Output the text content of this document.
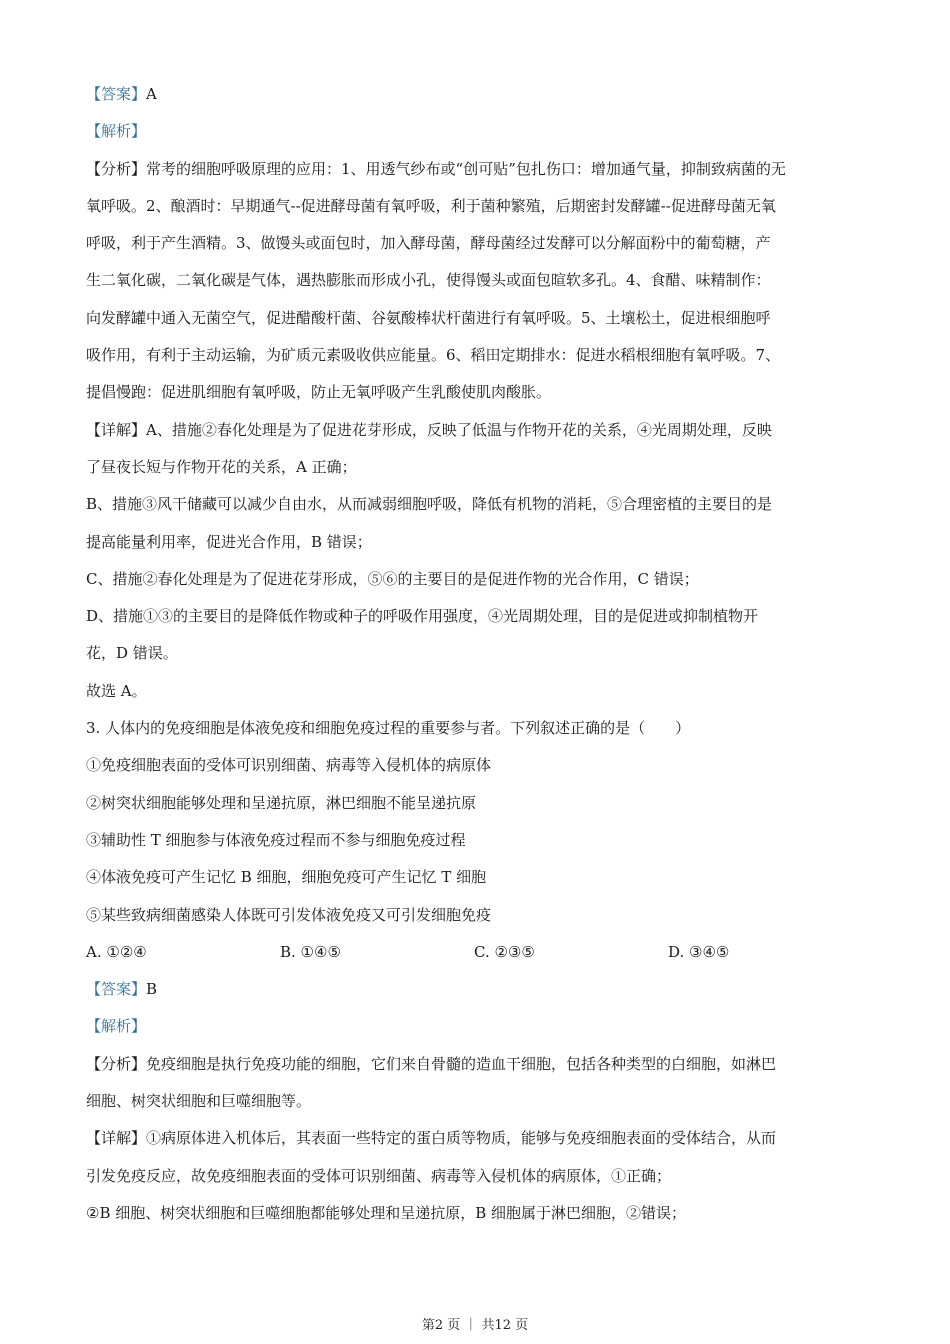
【答案】A

【解析】

【分析】常考的细胞呼吸原理的应用：1、用透气纱布或“创可贴”包扎伤口：增加通气量，抑制致病菌的无

氧呼吸。2、酿酒时：早期通气--促进酵母菌有氧呼吸，利于菌种繁殖，后期密封发酵罐--促进酵母菌无氧

呼吸，利于产生酒精。3、做馒头或面包时，加入酵母菌，酵母菌经过发酵可以分解面粉中的葡萄糖，产

生二氧化碳，二氧化碳是气体，遇热膨胀而形成小孔，使得馒头或面包暄软多孔。4、食醋、味精制作：

向发酵罐中通入无菌空气，促进醋酸杆菌、谷氨酸棒状杆菌进行有氧呼吸。5、土壤松土，促进根细胞呼

吸作用，有利于主动运输，为矿质元素吸收供应能量。6、稻田定期排水：促进水稻根细胞有氧呼吸。7、

提倡慢跑：促进肌细胞有氧呼吸，防止无氧呼吸产生乳酸使肌肉酸胀。

【详解】A、措施②春化处理是为了促进花芽形成，反映了低温与作物开花的关系，④光周期处理，反映

了昼夜长短与作物开花的关系，A 正确；

B、措施③风干储藏可以减少自由水，从而减弱细胞呼吸，降低有机物的消耗，⑤合理密植的主要目的是

提高能量利用率，促进光合作用，B 错误；

C、措施②春化处理是为了促进花芽形成，⑤⑥的主要目的是促进作物的光合作用，C 错误；

D、措施①③的主要目的是降低作物或种子的呼吸作用强度，④光周期处理，目的是促进或抑制植物开

花，D 错误。

故选 A。

3. 人体内的免疫细胞是体液免疫和细胞免疫过程的重要参与者。下列叙述正确的是（　　）

①免疫细胞表面的受体可识别细菌、病毒等入侵机体的病原体

②树突状细胞能够处理和呈递抗原，淋巴细胞不能呈递抗原

③辅助性 T 细胞参与体液免疫过程而不参与细胞免疫过程

④体液免疫可产生记忆 B 细胞，细胞免疫可产生记忆 T 细胞

⑤某些致病细菌感染人体既可引发体液免疫又可引发细胞免疫

A. ①②④	B. ①④⑤	C. ②③⑤	D. ③④⑤

【答案】B

【解析】

【分析】免疫细胞是执行免疫功能的细胞，它们来自骨髓的造血干细胞，包括各种类型的白细胞，如淋巴

细胞、树突状细胞和巨噬细胞等。

【详解】①病原体进入机体后，其表面一些特定的蛋白质等物质，能够与免疫细胞表面的受体结合，从而

引发免疫反应，故免疫细胞表面的受体可识别细菌、病毒等入侵机体的病原体，①正确；

②B 细胞、树突状细胞和巨噬细胞都能够处理和呈递抗原，B 细胞属于淋巴细胞，②错误；

第2 页 ｜ 共12 页
